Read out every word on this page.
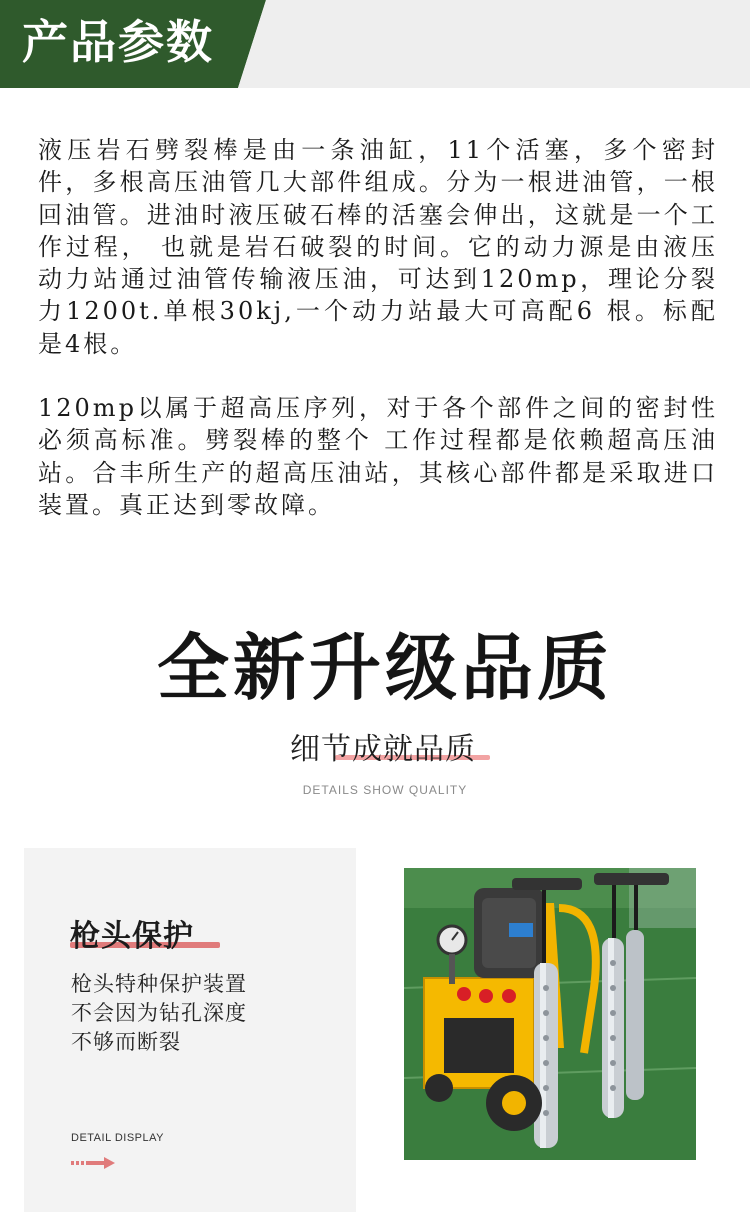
产品参数

液压岩石劈裂棒是由一条油缸，11个活塞，多个密封件，多根高压油管几大部件组成。分为一根进油管，一根回油管。进油时液压破石棒的活塞会伸出，这就是一个工作过程， 也就是岩石破裂的时间。它的动力源是由液压动力站通过油管传输液压油，可达到120mp，理论分裂力1200t.单根30kj,一个动力站最大可高配6 根。标配是4根。

120mp以属于超高压序列，对于各个部件之间的密封性必须高标准。劈裂棒的整个 工作过程都是依赖超高压油站。合丰所生产的超高压油站，其核心部件都是采取进口装置。真正达到零故障。

全新升级品质
细节成就品质
DETAILS SHOW QUALITY
枪头保护
枪头特种保护装置
不会因为钻孔深度
不够而断裂
DETAIL DISPLAY
